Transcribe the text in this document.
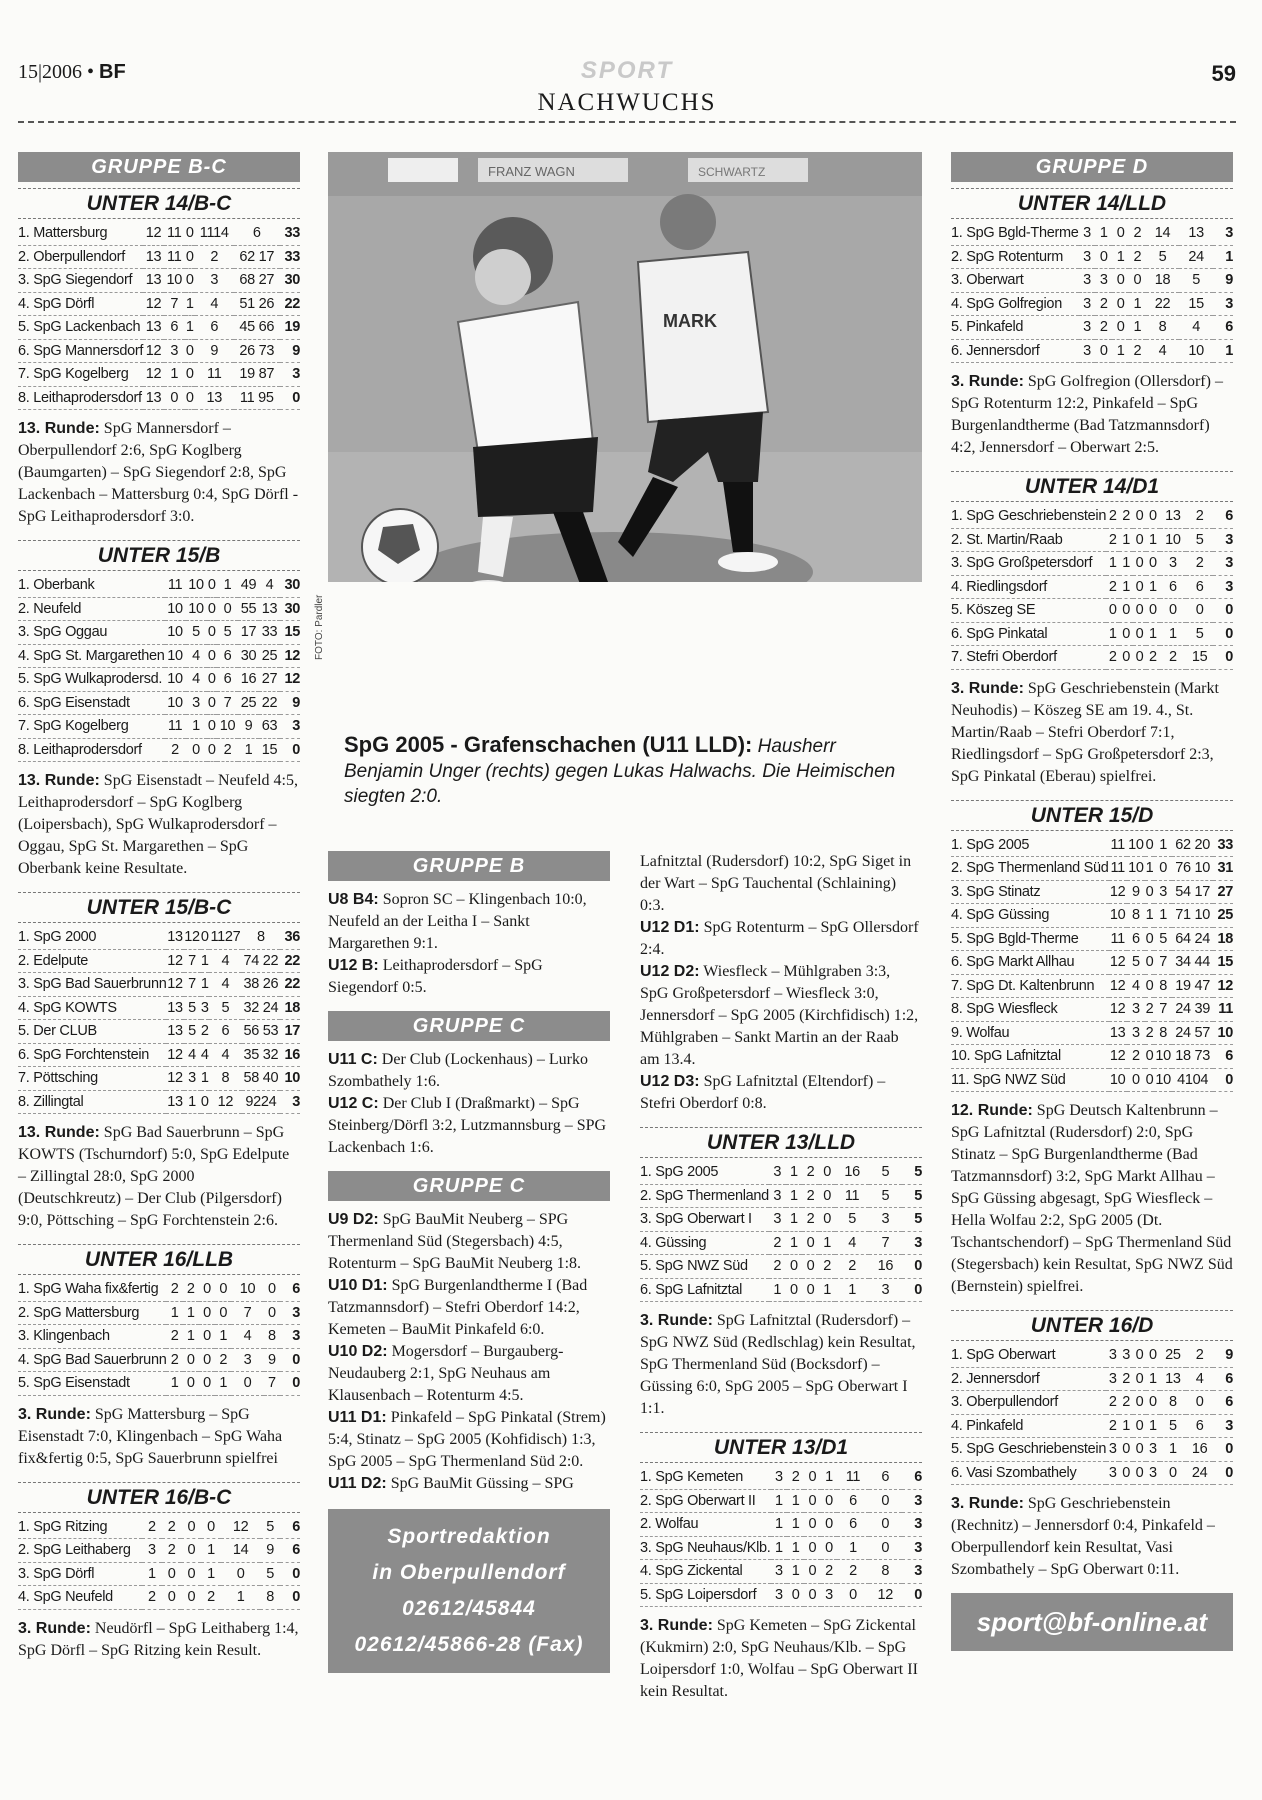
15|2006 • BF	SPORT
NACHWUCHS
59
GRUPPE B-C
UNTER 14/B-C
1. Mattersburg	12	11	0	1114	6	33
2. Oberpullendorf	13	11	0	2	62 17	33
3. SpG Siegendorf	13	10	0	3	68 27	30
4. SpG Dörfl	12	7	1	4	51 26	22
5. SpG Lackenbach	13	6	1	6	45 66	19
6. SpG Mannersdorf	12	3	0	9	26 73	9
7. SpG Kogelberg	12	1	0	11	19 87	3
8. Leithaprodersdorf	13	0	0	13	11 95	0
13. Runde: SpG Mannersdorf – Oberpullendorf 2:6, SpG Koglberg (Baumgarten) – SpG Siegendorf 2:8, SpG Lackenbach – Mattersburg 0:4, SpG Dörfl - SpG Leithaprodersdorf 3:0.
UNTER 15/B
1. Oberbank	11	10	0	1	49	4	30
2. Neufeld	10	10	0	0	55	13	30
3. SpG Oggau	10	5	0	5	17	33	15
4. SpG St. Margarethen	10	4	0	6	30	25	12
5. SpG Wulkaprodersd.	10	4	0	6	16	27	12
6. SpG Eisenstadt	10	3	0	7	25	22	9
7. SpG Kogelberg	11	1	0	10	9	63	3
8. Leithaprodersdorf	2	0	0	2	1	15	0
13. Runde: SpG Eisenstadt – Neufeld 4:5, Leithaprodersdorf – SpG Koglberg (Loipersbach), SpG Wulkaprodersdorf – Oggau, SpG St. Margarethen – SpG Oberbank keine Resultate.
UNTER 15/B-C
1. SpG 2000	13	12	0	1127	8	36
2. Edelpute	12	7	1	4	74 22	22
3. SpG Bad Sauerbrunn	12	7	1	4	38 26	22
4. SpG KOWTS	13	5	3	5	32 24	18
5. Der CLUB	13	5	2	6	56 53	17
6. SpG Forchtenstein	12	4	4	4	35 32	16
7. Pöttsching	12	3	1	8	58 40	10
8. Zillingtal	13	1	0	12	9224	3
13. Runde: SpG Bad Sauerbrunn – SpG KOWTS (Tschurndorf) 5:0, SpG Edelpute – Zillingtal 28:0, SpG 2000 (Deutschkreutz) – Der Club (Pilgersdorf) 9:0, Pöttsching – SpG Forchtenstein 2:6.
UNTER 16/LLB
1. SpG Waha fix&fertig	2	2	0	0	10	0	6
2. SpG Mattersburg	1	1	0	0	7	0	3
3. Klingenbach	2	1	0	1	4	8	3
4. SpG Bad Sauerbrunn	2	0	0	2	3	9	0
5. SpG Eisenstadt	1	0	0	1	0	7	0
3. Runde: SpG Mattersburg – SpG Eisenstadt 7:0, Klingenbach – SpG Waha fix&fertig 0:5, SpG Sauerbrunn spielfrei
UNTER 16/B-C
1. SpG Ritzing	2	2	0	0	12	5	6
2. SpG Leithaberg	3	2	0	1	14	9	6
3. SpG Dörfl	1	0	0	1	0	5	0
4. SpG Neufeld	2	0	0	2	1	8	0
3. Runde: Neudörfl – SpG Leithaberg 1:4, SpG Dörfl – SpG Ritzing kein Result.
FRANZ WAGN	SCHWARTZ
MARK
SpG 2005 - Grafenschachen (U11 LLD): Hausherr Benjamin Unger (rechts) gegen Lukas Halwachs. Die Heimischen siegten 2:0.
FOTO: Pardler
GRUPPE B
U8 B4: Sopron SC – Klingenbach 10:0, Neufeld an der Leitha I – Sankt Margarethen 9:1.
U12 B: Leithaprodersdorf – SpG Siegendorf 0:5.
GRUPPE C
U11 C: Der Club (Lockenhaus) – Lurko Szombathely 1:6.
U12 C: Der Club I (Draßmarkt) – SpG Steinberg/Dörfl 3:2, Lutzmannsburg – SPG Lackenbach 1:6.
GRUPPE C
U9 D2: SpG BauMit Neuberg – SPG Thermenland Süd (Stegersbach) 4:5, Rotenturm – SpG BauMit Neuberg 1:8.
U10 D1: SpG Burgenlandtherme I (Bad Tatzmannsdorf) – Stefri Oberdorf 14:2, Kemeten – BauMit Pinkafeld 6:0.
U10 D2: Mogersdorf – Burgauberg-Neudauberg 2:1, SpG Neuhaus am Klausenbach – Rotenturm 4:5.
U11 D1: Pinkafeld – SpG Pinkatal (Strem) 5:4, Stinatz – SpG 2005 (Kohfidisch) 1:3, SpG 2005 – SpG Thermenland Süd 2:0.
U11 D2: SpG BauMit Güssing – SPG
Sportredaktion
in Oberpullendorf
02612/45844
02612/45866-28 (Fax)
Lafnitztal (Rudersdorf) 10:2, SpG Siget in der Wart – SpG Tauchental (Schlaining) 0:3.
U12 D1: SpG Rotenturm – SpG Ollersdorf 2:4.
U12 D2: Wiesfleck – Mühlgraben 3:3, SpG Großpetersdorf – Wiesfleck 3:0, Jennersdorf – SpG 2005 (Kirchfidisch) 1:2, Mühlgraben – Sankt Martin an der Raab am 13.4.
U12 D3: SpG Lafnitztal (Eltendorf) – Stefri Oberdorf 0:8.
UNTER 13/LLD
1. SpG 2005	3	1	2	0	16	5	5
2. SpG Thermenland	3	1	2	0	11	5	5
3. SpG Oberwart I	3	1	2	0	5	3	5
4. Güssing	2	1	0	1	4	7	3
5. SpG NWZ Süd	2	0	0	2	2	16	0
6. SpG Lafnitztal	1	0	0	1	1	3	0
3. Runde: SpG Lafnitztal (Rudersdorf) – SpG NWZ Süd (Redlschlag) kein Resultat, SpG Thermenland Süd (Bocksdorf) – Güssing 6:0, SpG 2005 – SpG Oberwart I 1:1.
UNTER 13/D1
1. SpG Kemeten	3	2	0	1	11	6	6
2. SpG Oberwart II	1	1	0	0	6	0	3
2. Wolfau	1	1	0	0	6	0	3
3. SpG Neuhaus/Klb.	1	1	0	0	1	0	3
4. SpG Zickental	3	1	0	2	2	8	3
5. SpG Loipersdorf	3	0	0	3	0	12	0
3. Runde: SpG Kemeten – SpG Zickental (Kukmirn) 2:0, SpG Neuhaus/Klb. – SpG Loipersdorf 1:0, Wolfau – SpG Oberwart II kein Resultat.
GRUPPE D
UNTER 14/LLD
1. SpG Bgld-Therme	3	1	0	2	14	13	3
2. SpG Rotenturm	3	0	1	2	5	24	1
3. Oberwart	3	3	0	0	18	5	9
4. SpG Golfregion	3	2	0	1	22	15	3
5. Pinkafeld	3	2	0	1	8	4	6
6. Jennersdorf	3	0	1	2	4	10	1
3. Runde: SpG Golfregion (Ollersdorf) – SpG Rotenturm 12:2, Pinkafeld – SpG Burgenlandtherme (Bad Tatzmannsdorf) 4:2, Jennersdorf – Oberwart 2:5.
UNTER 14/D1
1. SpG Geschriebenstein	2	2	0	0	13	2	6
2. St. Martin/Raab	2	1	0	1	10	5	3
3. SpG Großpetersdorf	1	1	0	0	3	2	3
4. Riedlingsdorf	2	1	0	1	6	6	3
5. Köszeg SE	0	0	0	0	0	0	0
6. SpG Pinkatal	1	0	0	1	1	5	0
7. Stefri Oberdorf	2	0	0	2	2	15	0
3. Runde: SpG Geschriebenstein (Markt Neuhodis) – Köszeg SE am 19. 4., St. Martin/Raab – Stefri Oberdorf 7:1, Riedlingsdorf – SpG Großpetersdorf 2:3, SpG Pinkatal (Eberau) spielfrei.
UNTER 15/D
1. SpG 2005	11	10	0	1	62 20	33
2. SpG Thermenland Süd	11	10	1	0	76 10	31
3. SpG Stinatz	12	9	0	3	54 17	27
4. SpG Güssing	10	8	1	1	71 10	25
5. SpG Bgld-Therme	11	6	0	5	64 24	18
6. SpG Markt Allhau	12	5	0	7	34 44	15
7. SpG Dt. Kaltenbrunn	12	4	0	8	19 47	12
8. SpG Wiesfleck	12	3	2	7	24 39	11
9. Wolfau	13	3	2	8	24 57	10
10. SpG Lafnitztal	12	2	0	10	18 73	6
11. SpG NWZ Süd	10	0	0	10	4104	0
12. Runde: SpG Deutsch Kaltenbrunn – SpG Lafnitztal (Rudersdorf) 2:0, SpG Stinatz – SpG Burgenlandtherme (Bad Tatzmannsdorf) 3:2, SpG Markt Allhau – SpG Güssing abgesagt, SpG Wiesfleck – Hella Wolfau 2:2, SpG 2005 (Dt. Tschantschendorf) – SpG Thermenland Süd (Stegersbach) kein Resultat, SpG NWZ Süd (Bernstein) spielfrei.
UNTER 16/D
1. SpG Oberwart	3	3	0	0	25	2	9
2. Jennersdorf	3	2	0	1	13	4	6
3. Oberpullendorf	2	2	0	0	8	0	6
4. Pinkafeld	2	1	0	1	5	6	3
5. SpG Geschriebenstein	3	0	0	3	1	16	0
6. Vasi Szombathely	3	0	0	3	0	24	0
3. Runde: SpG Geschriebenstein (Rechnitz) – Jennersdorf 0:4, Pinkafeld – Oberpullendorf kein Resultat, Vasi Szombathely – SpG Oberwart 0:11.
sport@bf-online.at
